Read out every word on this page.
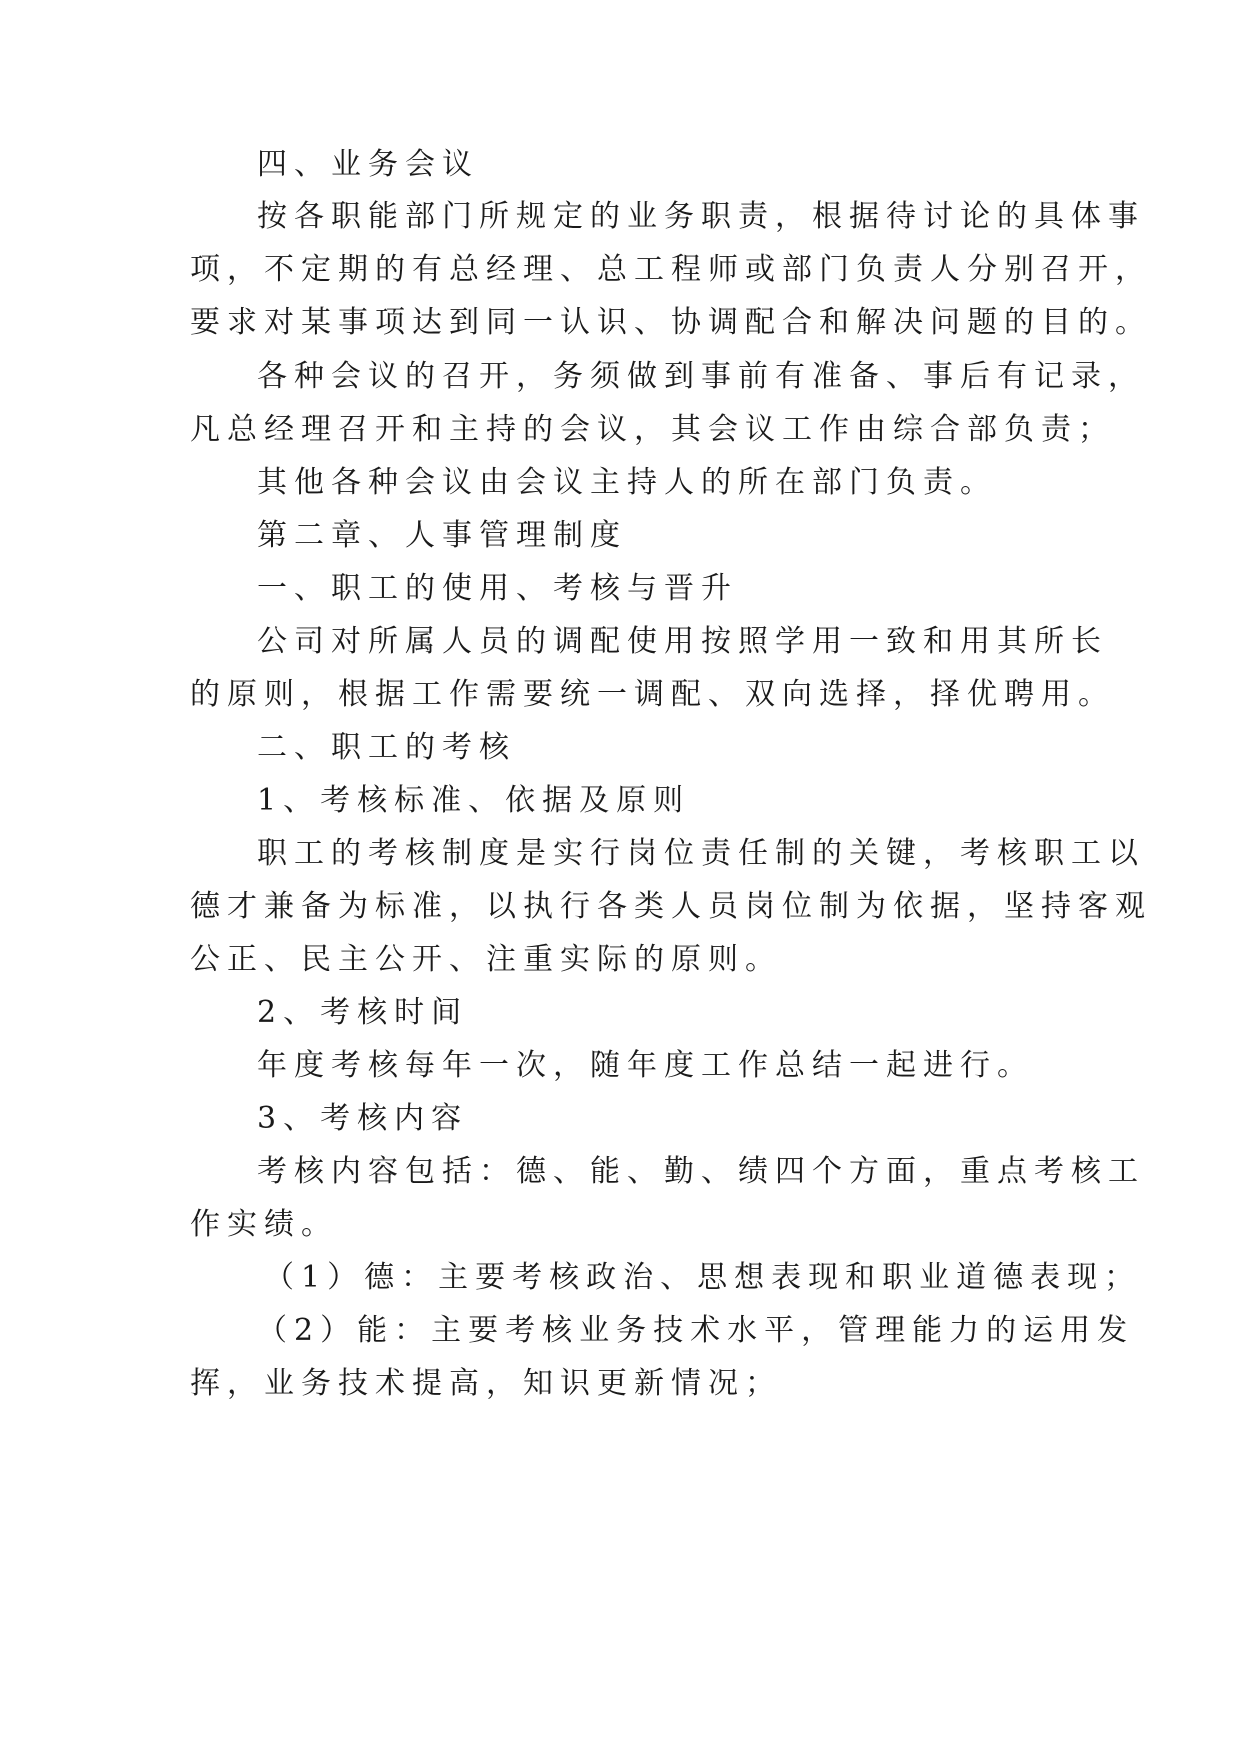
四、业务会议
按各职能部门所规定的业务职责，根据待讨论的具体事
项，不定期的有总经理、总工程师或部门负责人分别召开，
要求对某事项达到同一认识、协调配合和解决问题的目的。
各种会议的召开，务须做到事前有准备、事后有记录，
凡总经理召开和主持的会议，其会议工作由综合部负责；
其他各种会议由会议主持人的所在部门负责。
第二章、人事管理制度
一、职工的使用、考核与晋升
公司对所属人员的调配使用按照学用一致和用其所长
的原则，根据工作需要统一调配、双向选择，择优聘用。
二、职工的考核
1、考核标准、依据及原则
职工的考核制度是实行岗位责任制的关键，考核职工以
德才兼备为标准，以执行各类人员岗位制为依据，坚持客观
公正、民主公开、注重实际的原则。
2、考核时间
年度考核每年一次，随年度工作总结一起进行。
3、考核内容
考核内容包括：德、能、勤、绩四个方面，重点考核工
作实绩。
（1）德：主要考核政治、思想表现和职业道德表现；
（2）能：主要考核业务技术水平，管理能力的运用发
挥，业务技术提高，知识更新情况；
